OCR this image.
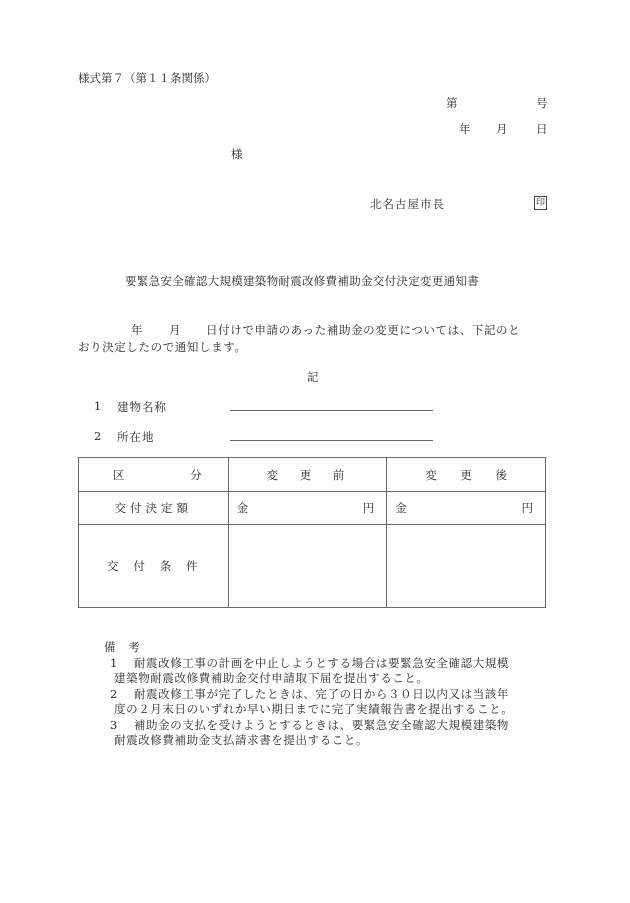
様式第７（第１１条関係）
第	号
年 月 日
様
北名古屋市長	印
要緊急安全確認大規模建築物耐震改修費補助金交付決定変更通知書
年 月 日付けで申請のあった補助金の変更については、下記のと
おり決定したので通知します。
記
1 建物名称
2 所在地
区 分	変 更 前	変 更 後

交付決定額	金 円	金 円

交 付 条 件		

備　考
1 耐震改修工事の計画を中止しようとする場合は要緊急安全確認大規模
建築物耐震改修費補助金交付申請取下届を提出すること。
2 耐震改修工事が完了したときは、完了の日から３０日以内又は当該年
度の２月末日のいずれか早い期日までに完了実績報告書を提出すること。
3 補助金の支払を受けようとするときは、要緊急安全確認大規模建築物
耐震改修費補助金支払請求書を提出すること。
